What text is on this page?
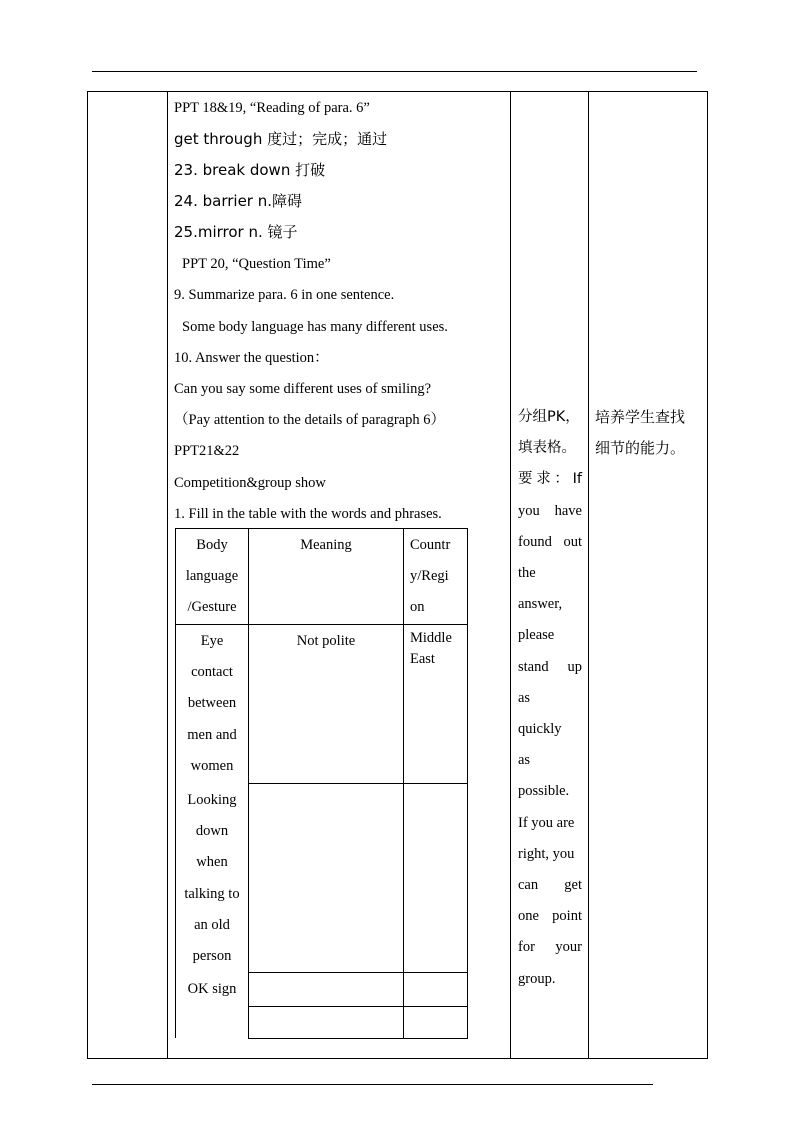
PPT 18&19, “Reading of para. 6”
get through 度过；完成；通过
23. break down 打破
24. barrier n.障碍
25.mirror n. 镜子
PPT 20, “Question Time”
9. Summarize para. 6 in one sentence.
Some body language has many different uses.
10. Answer the question：
Can you say some different uses of smiling?
（Pay attention to the details of paragraph 6）
PPT21&22
Competition&group show
1. Fill in the table with the words and phrases.
Body
language
/Gesture
Meaning	Countr
y/Regi
on
Eye
contact
between
men and
women
Not polite	Middle
East
Looking
down
when
talking to
an old
person
OK sign
分组PK，
填表格。
要求：If
you have
found out
the
answer,
please
stand up
as
quickly
as
possible.
If you are
right, you
can get
one point
for your
group.
培养学生查找
细节的能力。
